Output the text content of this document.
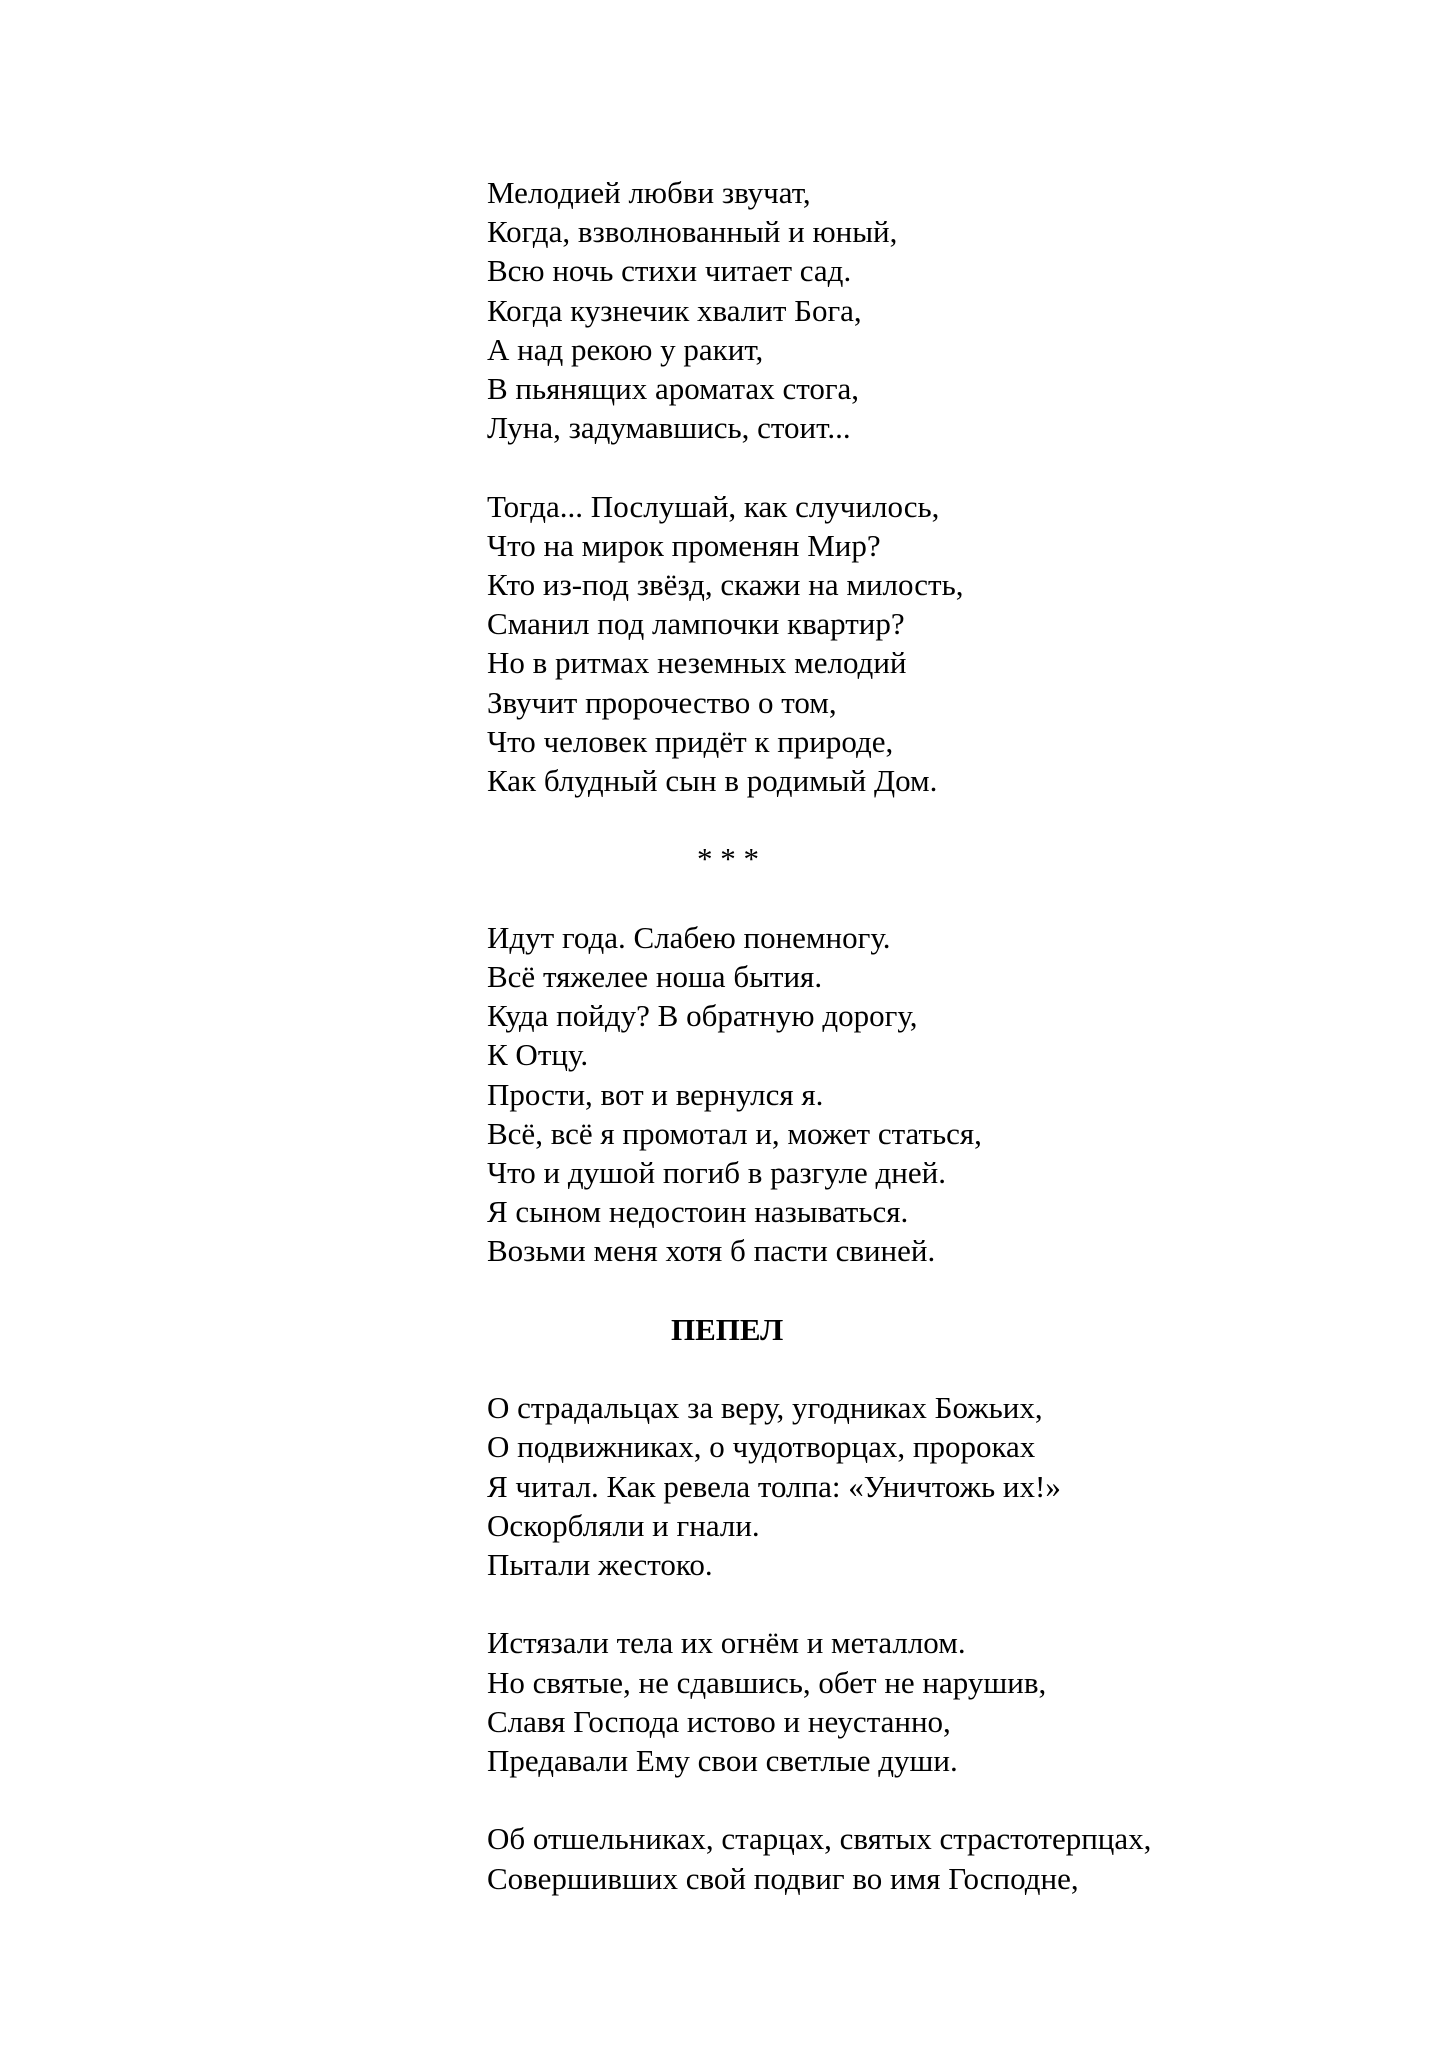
Мелодией любви звучат,

Когда, взволнованный и юный,

Всю ночь стихи читает сад.

Когда кузнечик хвалит Бога,

А над рекою у ракит,

В пьянящих ароматах стога,

Луна, задумавшись, стоит...

Тогда... Послушай, как случилось,

Что на мирок променян Мир?

Кто из-под звёзд, скажи на милость,

Сманил под лампочки квартир?

Но в ритмах неземных мелодий

Звучит пророчество о том,

Что человек придёт к природе,

Как блудный сын в родимый Дом.

* * *

Идут года. Слабею понемногу.

Всё тяжелее ноша бытия.

Куда пойду? В обратную дорогу,

К Отцу.

Прости, вот и вернулся я.

Всё, всё я промотал и, может статься,

Что и душой погиб в разгуле дней.

Я сыном недостоин называться.

Возьми меня хотя б пасти свиней.

ПЕПЕЛ

О страдальцах за веру, угодниках Божьих,

О подвижниках, о чудотворцах, пророках

Я читал. Как ревела толпа: «Уничтожь их!»

Оскорбляли и гнали.

Пытали жестоко.

Истязали тела их огнём и металлом.

Но святые, не сдавшись, обет не нарушив,

Славя Господа истово и неустанно,

Предавали Ему свои светлые души.

Об отшельниках, старцах, святых страстотерпцах,

Совершивших свой подвиг во имя Господне,
